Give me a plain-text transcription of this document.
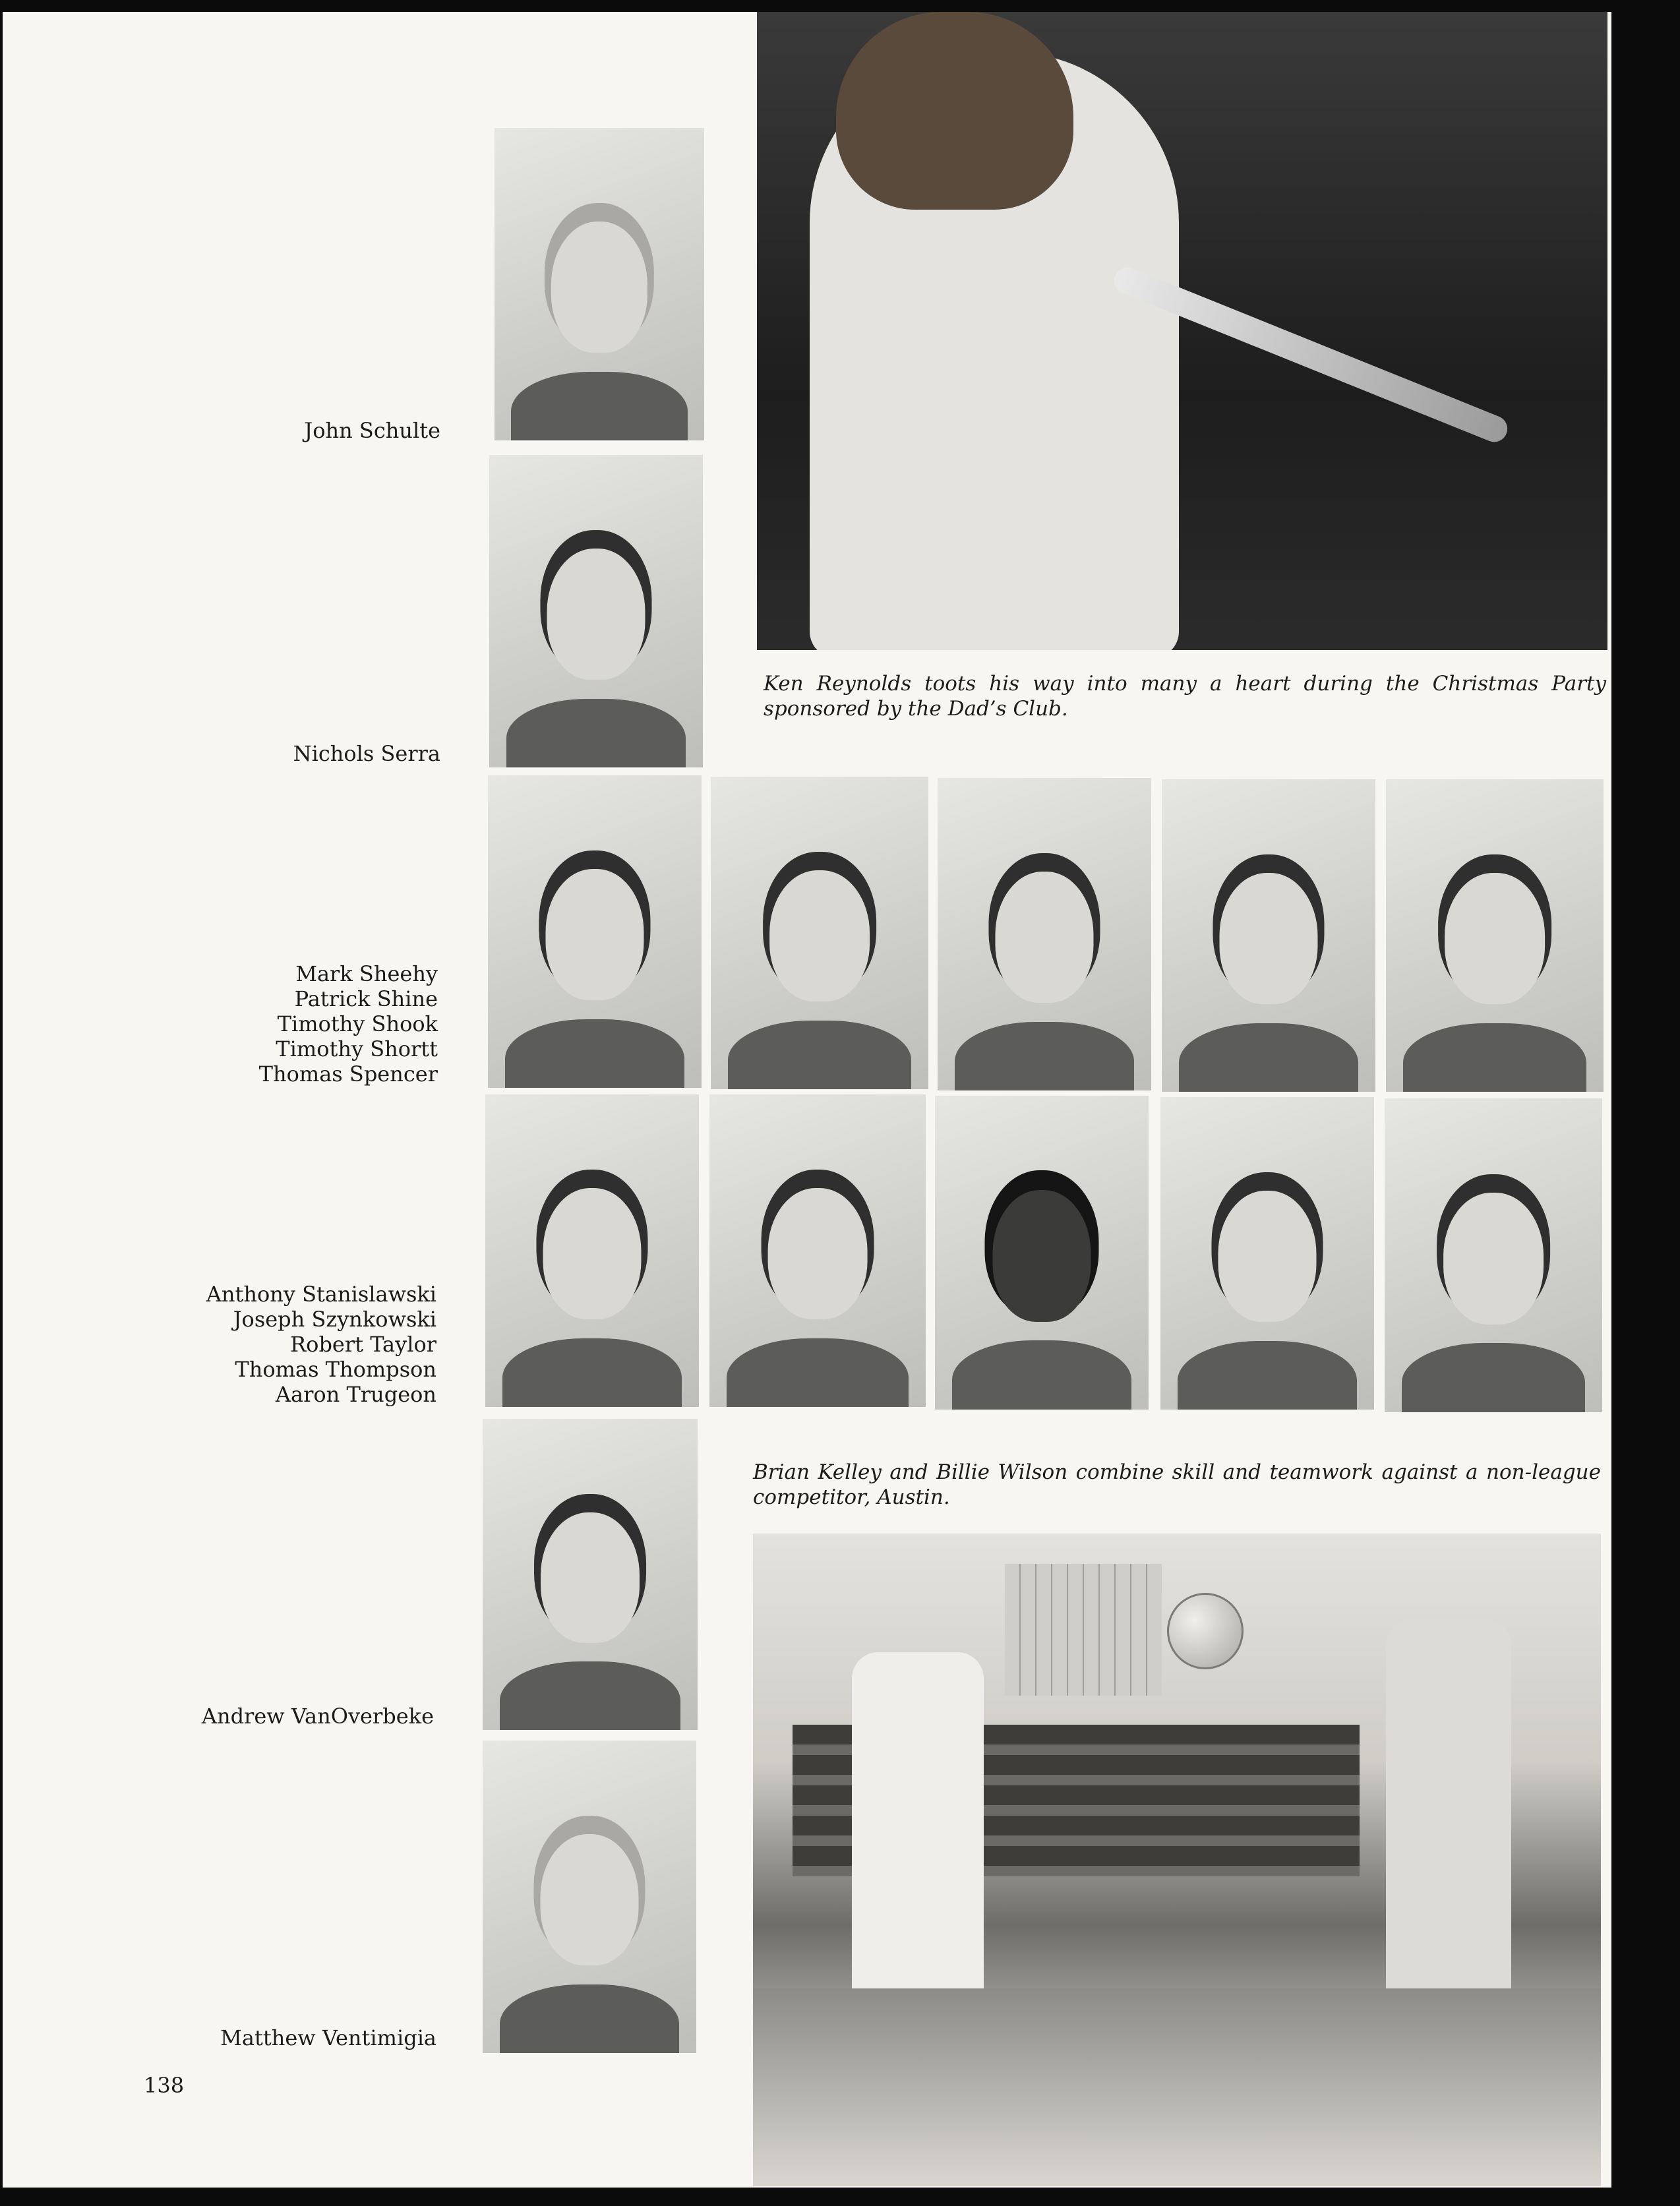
Ken Reynolds toots his way into many a heart during the Christmas Party sponsored by the Dad’s Club.
John Schulte
Nichols Serra
Mark Sheehy
Patrick Shine
Timothy Shook
Timothy Shortt
Thomas Spencer
Anthony Stanislawski
Joseph Szynkowski
Robert Taylor
Thomas Thompson
Aaron Trugeon
Brian Kelley and Billie Wilson combine skill and teamwork against a non-league competitor, Austin.
Andrew VanOverbeke
Matthew Ventimigia
138
